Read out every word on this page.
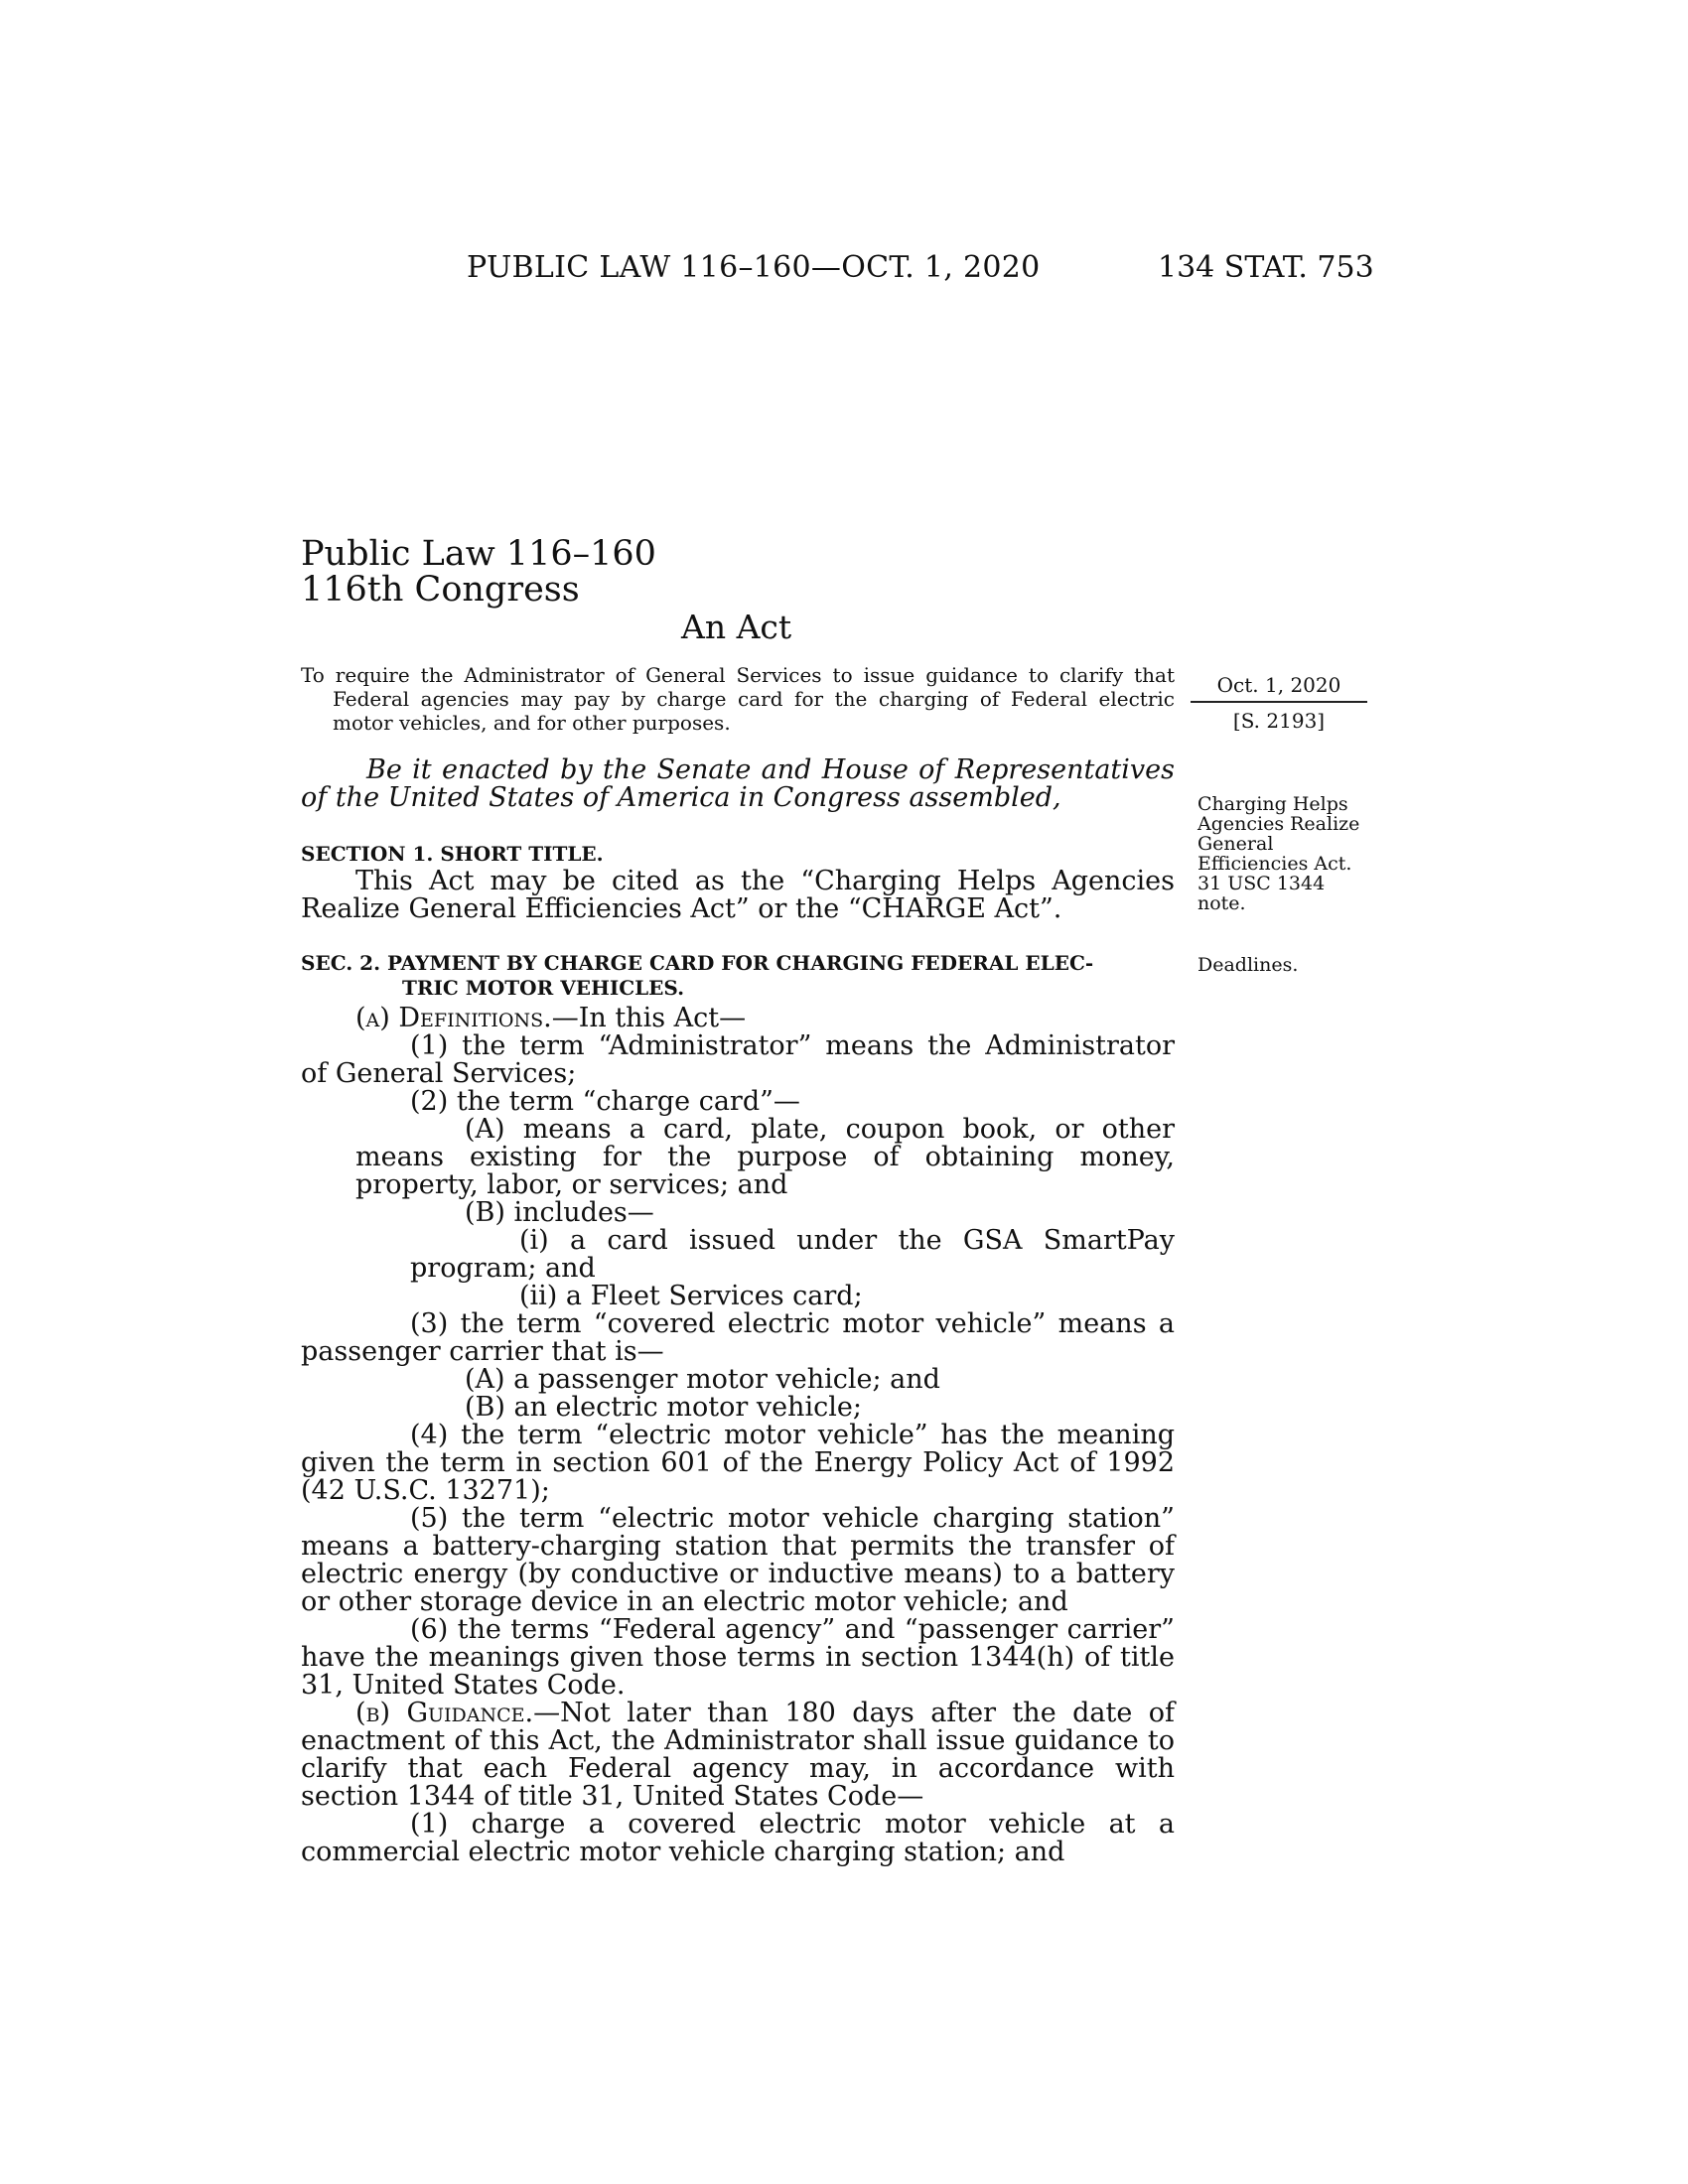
PUBLIC LAW 116–160—OCT. 1, 2020	134 STAT. 753
Public Law 116–160
116th Congress
An Act
To require the Administrator of General Services to issue guidance to clarify that Federal agencies may pay by charge card for the charging of Federal electric motor vehicles, and for other purposes.
Oct. 1, 2020
[S. 2193]
Be it enacted by the Senate and House of Representatives of the United States of America in Congress assembled,	Charging Helps Agencies Realize General Efficiencies Act.
31 USC 1344 note.
SECTION 1. SHORT TITLE.
This Act may be cited as the “Charging Helps Agencies Realize General Efficiencies Act” or the “CHARGE Act”.
SEC. 2. PAYMENT BY CHARGE CARD FOR CHARGING FEDERAL ELEC-
TRIC MOTOR VEHICLES.
Deadlines.

(a) Definitions.—In this Act—

(1) the term “Administrator” means the Administrator of General Services;

(2) the term “charge card”—

(A) means a card, plate, coupon book, or other means existing for the purpose of obtaining money, property, labor, or services; and

(B) includes—

(i) a card issued under the GSA SmartPay program; and

(ii) a Fleet Services card;

(3) the term “covered electric motor vehicle” means a passenger carrier that is—

(A) a passenger motor vehicle; and

(B) an electric motor vehicle;

(4) the term “electric motor vehicle” has the meaning given the term in section 601 of the Energy Policy Act of 1992 (42 U.S.C. 13271);

(5) the term “electric motor vehicle charging station” means a battery-charging station that permits the transfer of electric energy (by conductive or inductive means) to a battery or other storage device in an electric motor vehicle; and

(6) the terms “Federal agency” and “passenger carrier” have the meanings given those terms in section 1344(h) of title 31, United States Code.

(b) Guidance.—Not later than 180 days after the date of enactment of this Act, the Administrator shall issue guidance to clarify that each Federal agency may, in accordance with section 1344 of title 31, United States Code—

(1) charge a covered electric motor vehicle at a commercial electric motor vehicle charging station; and
